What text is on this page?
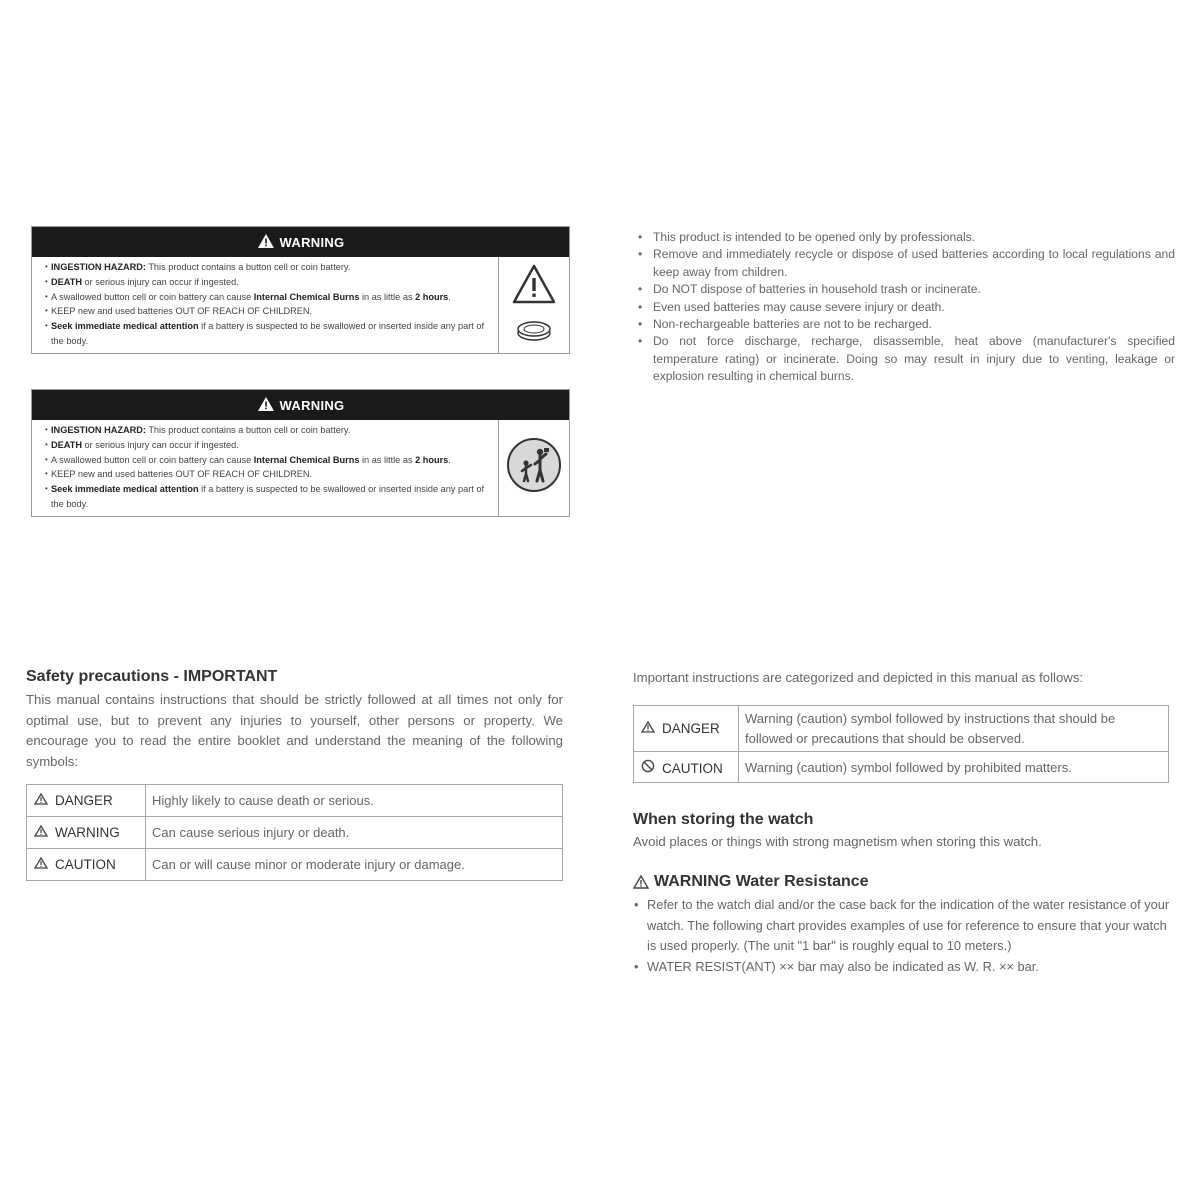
WARNING
• INGESTION HAZARD: This product contains a button cell or coin battery.
• DEATH or serious injury can occur if ingested.
• A swallowed button cell or coin battery can cause Internal Chemical Burns in as little as 2 hours.
• KEEP new and used batteries OUT OF REACH OF CHILDREN.
• Seek immediate medical attention if a battery is suspected to be swallowed or inserted inside any part of the body.
WARNING
• INGESTION HAZARD: This product contains a button cell or coin battery.
• DEATH or serious injury can occur if ingested.
• A swallowed button cell or coin battery can cause Internal Chemical Burns in as little as 2 hours.
• KEEP new and used batteries OUT OF REACH OF CHILDREN.
• Seek immediate medical attention if a battery is suspected to be swallowed or inserted inside any part of the body.
• This product is intended to be opened only by professionals.
• Remove and immediately recycle or dispose of used batteries according to local regulations and keep away from children.
• Do NOT dispose of batteries in household trash or incinerate.
• Even used batteries may cause severe injury or death.
• Non-rechargeable batteries are not to be recharged.
• Do not force discharge, recharge, disassemble, heat above (manufacturer's specified temperature rating) or incinerate. Doing so may result in injury due to venting, leakage or explosion resulting in chemical burns.
Safety precautions - IMPORTANT

This manual contains instructions that should be strictly followed at all times not only for optimal use, but to prevent any injuries to yourself, other persons or property. We encourage you to read the entire booklet and understand the meaning of the following symbols:

DANGER	Highly likely to cause death or serious.
WARNING	Can cause serious injury or death.
CAUTION	Can or will cause minor or moderate injury or damage.
Important instructions are categorized and depicted in this manual as follows:
DANGER	Warning (caution) symbol followed by instructions that should be followed or precautions that should be observed.
CAUTION	Warning (caution) symbol followed by prohibited matters.
When storing the watch
Avoid places or things with strong magnetism when storing this watch.
WARNING Water Resistance
• Refer to the watch dial and/or the case back for the indication of the water resistance of your watch. The following chart provides examples of use for reference to ensure that your watch is used properly. (The unit "1 bar" is roughly equal to 10 meters.)
• WATER RESIST(ANT) ×× bar may also be indicated as W. R. ×× bar.
